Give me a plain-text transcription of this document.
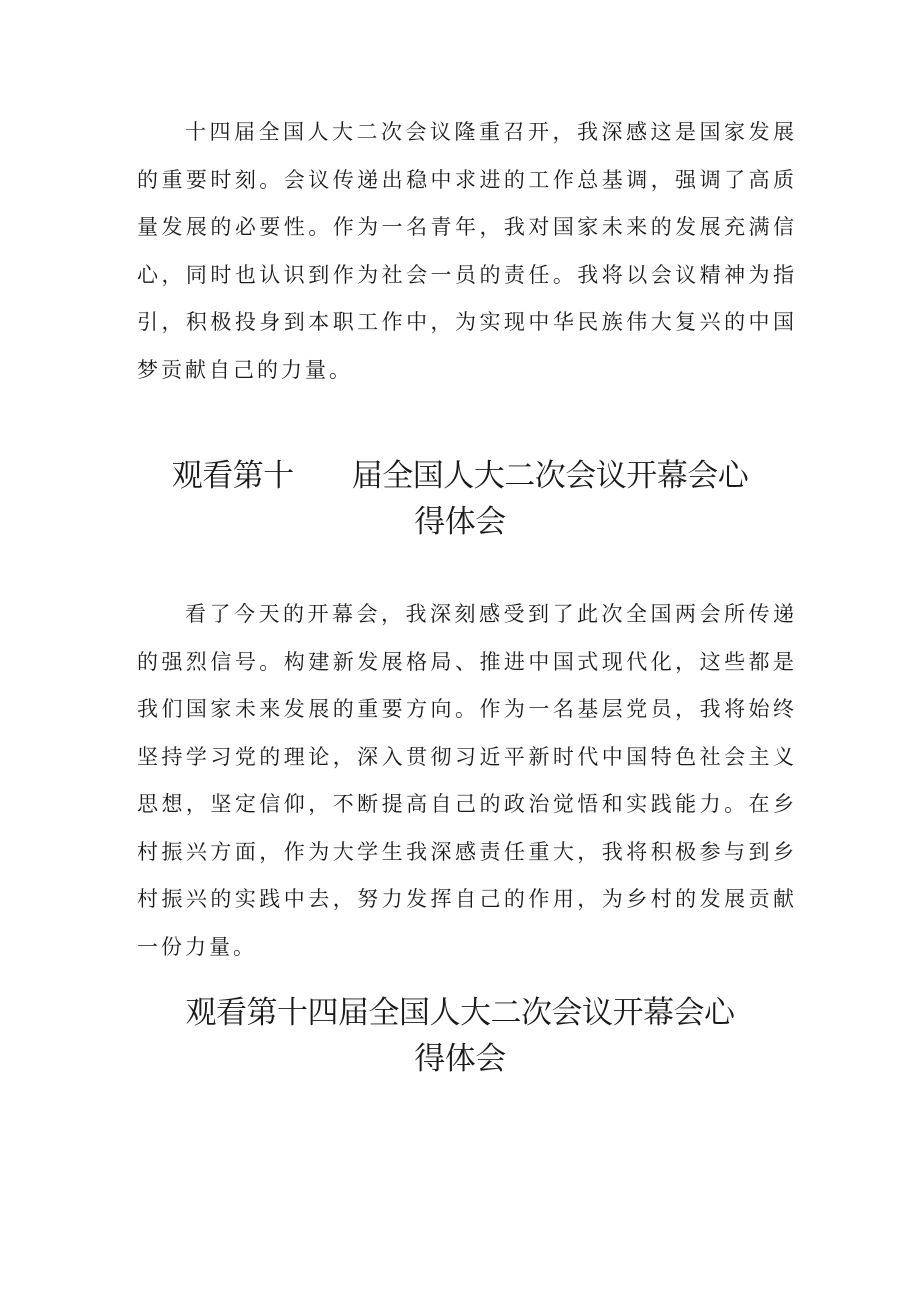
十四届全国人大二次会议隆重召开，我深感这是国家发展的重要时刻。会议传递出稳中求进的工作总基调，强调了高质量发展的必要性。作为一名青年，我对国家未来的发展充满信心，同时也认识到作为社会一员的责任。我将以会议精神为指引，积极投身到本职工作中，为实现中华民族伟大复兴的中国梦贡献自己的力量。

观看第十 届全国人大二次会议开幕会心
得体会

看了今天的开幕会，我深刻感受到了此次全国两会所传递的强烈信号。构建新发展格局、推进中国式现代化，这些都是我们国家未来发展的重要方向。作为一名基层党员，我将始终坚持学习党的理论，深入贯彻习近平新时代中国特色社会主义思想，坚定信仰，不断提高自己的政治觉悟和实践能力。在乡村振兴方面，作为大学生我深感责任重大，我将积极参与到乡村振兴的实践中去，努力发挥自己的作用，为乡村的发展贡献一份力量。

观看第十四届全国人大二次会议开幕会心
得体会
